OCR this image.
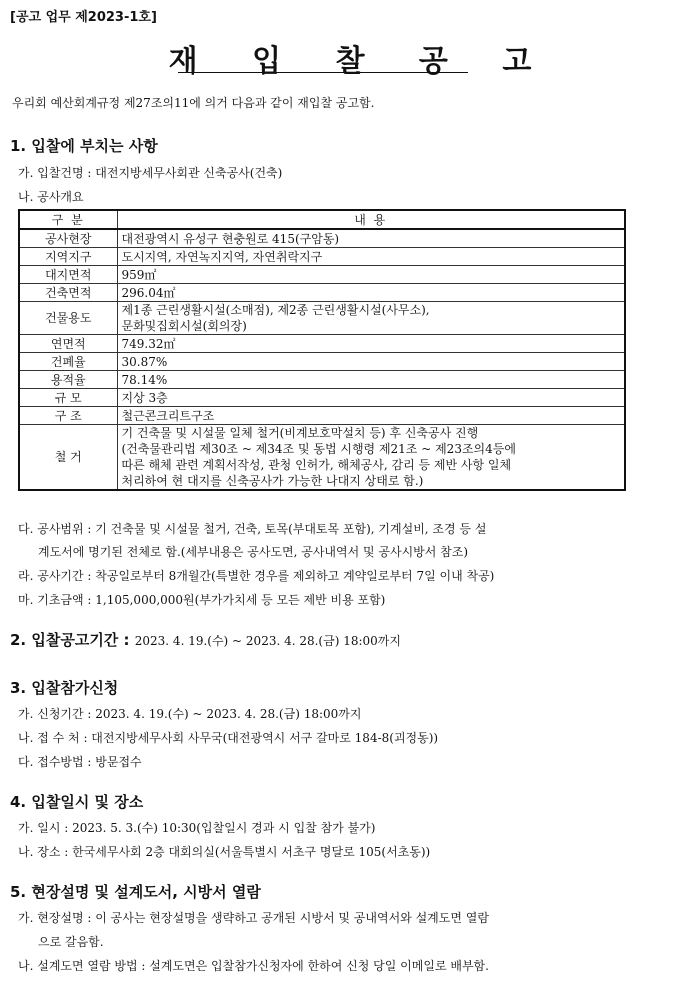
[공고 업무 제2023-1호]
재 입 찰 공 고
우리회 예산회계규정 제27조의11에 의거 다음과 같이 재입찰 공고함.
1. 입찰에 부치는 사항
가. 입찰건명 : 대전지방세무사회관 신축공사(건축)
나. 공사개요
구 분	내 용
공사현장	대전광역시 유성구 현충원로 415(구암동)
지역지구	도시지역, 자연녹지지역, 자연취락지구
대지면적	959㎡
건축면적	296.04㎡
건물용도	제1종 근린생활시설(소매점), 제2종 근린생활시설(사무소),
문화및집회시설(회의장)

연면적	749.32㎡
건폐율	30.87%
용적율	78.14%
규 모	지상 3층
구 조	철근콘크리트구조
철 거	기 건축물 및 시설물 일체 철거(비계보호막설치 등) 후 신축공사 진행
(건축물관리법 제30조 ~ 제34조 및 동법 시행령 제21조 ~ 제23조의4등에
따른 해체 관련 계획서작성, 관청 인허가, 해체공사, 감리 등 제반 사항 일체
처리하여 현 대지를 신축공사가 가능한 나대지 상태로 함.)
다. 공사범위 : 기 건축물 및 시설물 철거, 건축, 토목(부대토목 포함), 기계설비, 조경 등 설
계도서에 명기된 전체로 함.(세부내용은 공사도면, 공사내역서 및 공사시방서 참조)
라. 공사기간 : 착공일로부터 8개월간(특별한 경우를 제외하고 계약일로부터 7일 이내 착공)
마. 기초금액 : 1,105,000,000원(부가가치세 등 모든 제반 비용 포함)
2. 입찰공고기간 : 2023. 4. 19.(수) ~ 2023. 4. 28.(금) 18:00까지
3. 입찰참가신청
가. 신청기간 : 2023. 4. 19.(수) ~ 2023. 4. 28.(금) 18:00까지
나. 접 수 처 : 대전지방세무사회 사무국(대전광역시 서구 갈마로 184-8(괴정동))
다. 접수방법 : 방문접수
4. 입찰일시 및 장소
가. 일시 : 2023. 5. 3.(수) 10:30(입찰일시 경과 시 입찰 참가 불가)
나. 장소 : 한국세무사회 2층 대회의실(서울특별시 서초구 명달로 105(서초동))
5. 현장설명 및 설계도서, 시방서 열람
가. 현장설명 : 이 공사는 현장설명을 생략하고 공개된 시방서 및 공내역서와 설계도면 열람
으로 갈음함.
나. 설계도면 열람 방법 : 설계도면은 입찰참가신청자에 한하여 신청 당일 이메일로 배부함.
